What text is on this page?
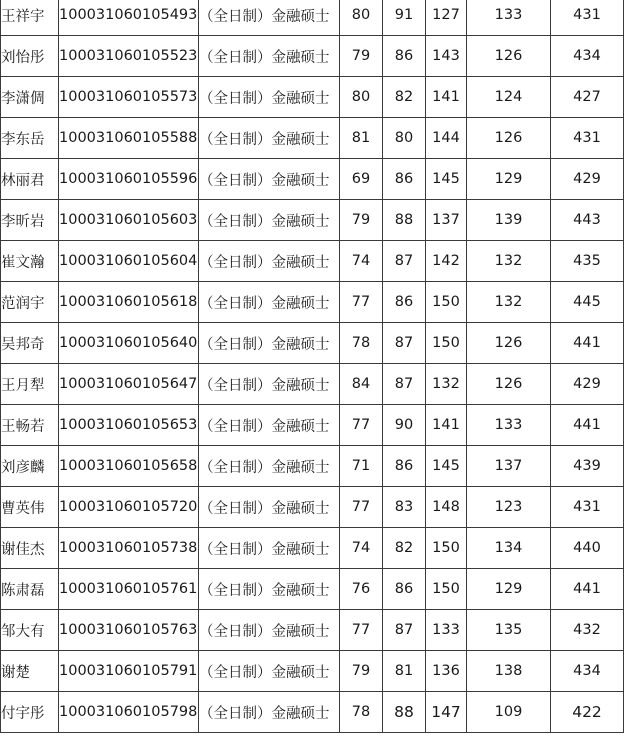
王祥宇	100031060105493	（全日制）金融硕士	80	91	127	133	431
刘怡彤	100031060105523	（全日制）金融硕士	79	86	143	126	434
李潇倜	100031060105573	（全日制）金融硕士	80	82	141	124	427
李东岳	100031060105588	（全日制）金融硕士	81	80	144	126	431
林丽君	100031060105596	（全日制）金融硕士	69	86	145	129	429
李昕岩	100031060105603	（全日制）金融硕士	79	88	137	139	443
崔文瀚	100031060105604	（全日制）金融硕士	74	87	142	132	435
范润宇	100031060105618	（全日制）金融硕士	77	86	150	132	445
吴邦奇	100031060105640	（全日制）金融硕士	78	87	150	126	441
王月犁	100031060105647	（全日制）金融硕士	84	87	132	126	429
王畅若	100031060105653	（全日制）金融硕士	77	90	141	133	441
刘彦麟	100031060105658	（全日制）金融硕士	71	86	145	137	439
曹英伟	100031060105720	（全日制）金融硕士	77	83	148	123	431
谢佳杰	100031060105738	（全日制）金融硕士	74	82	150	134	440
陈肃磊	100031060105761	（全日制）金融硕士	76	86	150	129	441
邹大有	100031060105763	（全日制）金融硕士	77	87	133	135	432
谢楚	100031060105791	（全日制）金融硕士	79	81	136	138	434
付宇彤	100031060105798	（全日制）金融硕士	78	88	147	109	422
